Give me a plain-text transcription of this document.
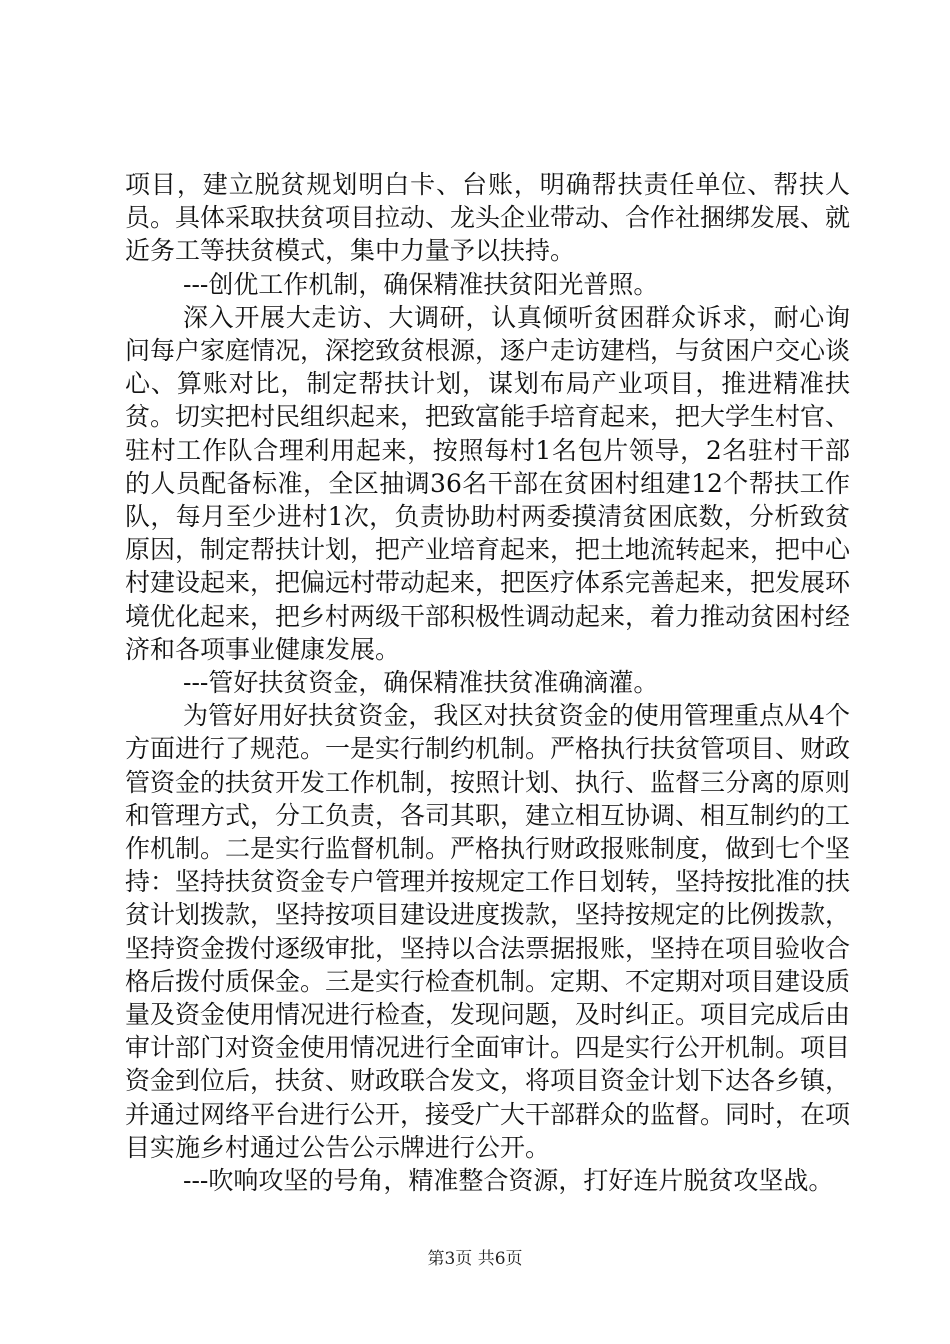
项目，建立脱贫规划明白卡、台账，明确帮扶责任单位、帮扶人员。具体采取扶贫项目拉动、龙头企业带动、合作社捆绑发展、就近务工等扶贫模式，集中力量予以扶持。

---创优工作机制，确保精准扶贫阳光普照。

深入开展大走访、大调研，认真倾听贫困群众诉求，耐心询问每户家庭情况，深挖致贫根源，逐户走访建档，与贫困户交心谈心、算账对比，制定帮扶计划，谋划布局产业项目，推进精准扶贫。切实把村民组织起来，把致富能手培育起来，把大学生村官、驻村工作队合理利用起来，按照每村1名包片领导，2名驻村干部的人员配备标准，全区抽调36名干部在贫困村组建12个帮扶工作队，每月至少进村1次，负责协助村两委摸清贫困底数，分析致贫原因，制定帮扶计划，把产业培育起来，把土地流转起来，把中心村建设起来，把偏远村带动起来，把医疗体系完善起来，把发展环境优化起来，把乡村两级干部积极性调动起来，着力推动贫困村经济和各项事业健康发展。

---管好扶贫资金，确保精准扶贫准确滴灌。

为管好用好扶贫资金，我区对扶贫资金的使用管理重点从4个方面进行了规范。一是实行制约机制。严格执行扶贫管项目、财政管资金的扶贫开发工作机制，按照计划、执行、监督三分离的原则和管理方式，分工负责，各司其职，建立相互协调、相互制约的工作机制。二是实行监督机制。严格执行财政报账制度，做到七个坚持：坚持扶贫资金专户管理并按规定工作日划转，坚持按批准的扶贫计划拨款，坚持按项目建设进度拨款，坚持按规定的比例拨款，坚持资金拨付逐级审批，坚持以合法票据报账，坚持在项目验收合格后拨付质保金。三是实行检查机制。定期、不定期对项目建设质量及资金使用情况进行检查，发现问题，及时纠正。项目完成后由审计部门对资金使用情况进行全面审计。四是实行公开机制。项目资金到位后，扶贫、财政联合发文，将项目资金计划下达各乡镇，并通过网络平台进行公开，接受广大干部群众的监督。同时，在项目实施乡村通过公告公示牌进行公开。

---吹响攻坚的号角，精准整合资源，打好连片脱贫攻坚战。

第3页 共6页
